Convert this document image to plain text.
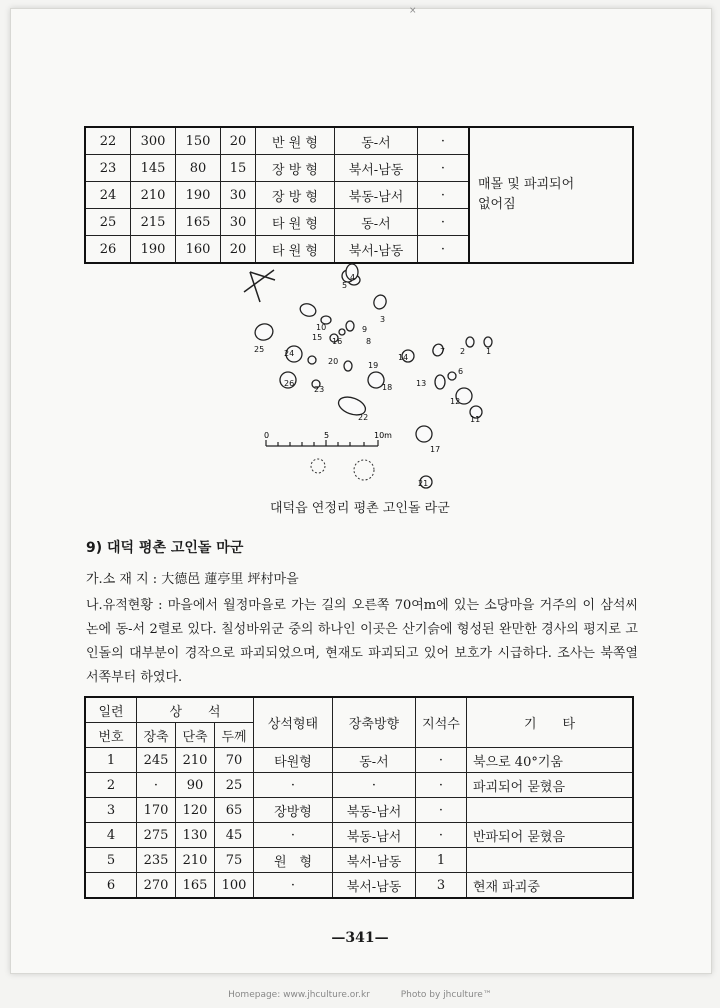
×
22	300	150	20	반 원 형	동-서	·	매몰 및 파괴되어
없어짐

23	145	80	15	장 방 형	북서-남동	·	
24	210	190	30	장 방 형	북동-남서	·	
25	215	165	30	타 원 형	동-서	·	
26	190	160	20	타 원 형	북서-남동	·	
5
4
3
10
15
9
8
16
25 24
20	19
18
26
23
14
7 2	1
6
13
12
11
22
17
21
0	5	10m
대덕읍 연정리 평촌 고인돌 라군
9) 대덕 평촌 고인돌 마군
가.소 재 지 : 大德邑 蓮亭里 坪村마을
나.유적현황 : 마을에서 월정마을로 가는 길의 오른쪽 70여m에 있는 소당마을 거주의 이 삼석씨 논에 동-서 2렬로 있다. 칠성바위군 중의 하나인 이곳은 산기슭에 형성된 완만한 경사의 평지로 고인돌의 대부분이 경작으로 파괴되었으며, 현재도 파괴되고 있어 보호가 시급하다. 조사는 북쪽열 서쪽부터 하였다.
일련	상　　석			상석형태	장축방향	지석수	기　　타
번호	장축	단축	두께				
1	245	210	70	타원형	동-서	·	북으로 40°기움
2	·	90	25	·	·	·	파괴되어 묻혔음
3	170	120	65	장방형	북동-남서	·	
4	275	130	45	·	북동-남서	·	반파되어 묻혔음
5	235	210	75	원　형	북서-남동	1	
6	270	165	100	·	북서-남동	3	현재 파괴중
—341—
Homepage: www.jhculture.or.kr	Photo by jhculture™
